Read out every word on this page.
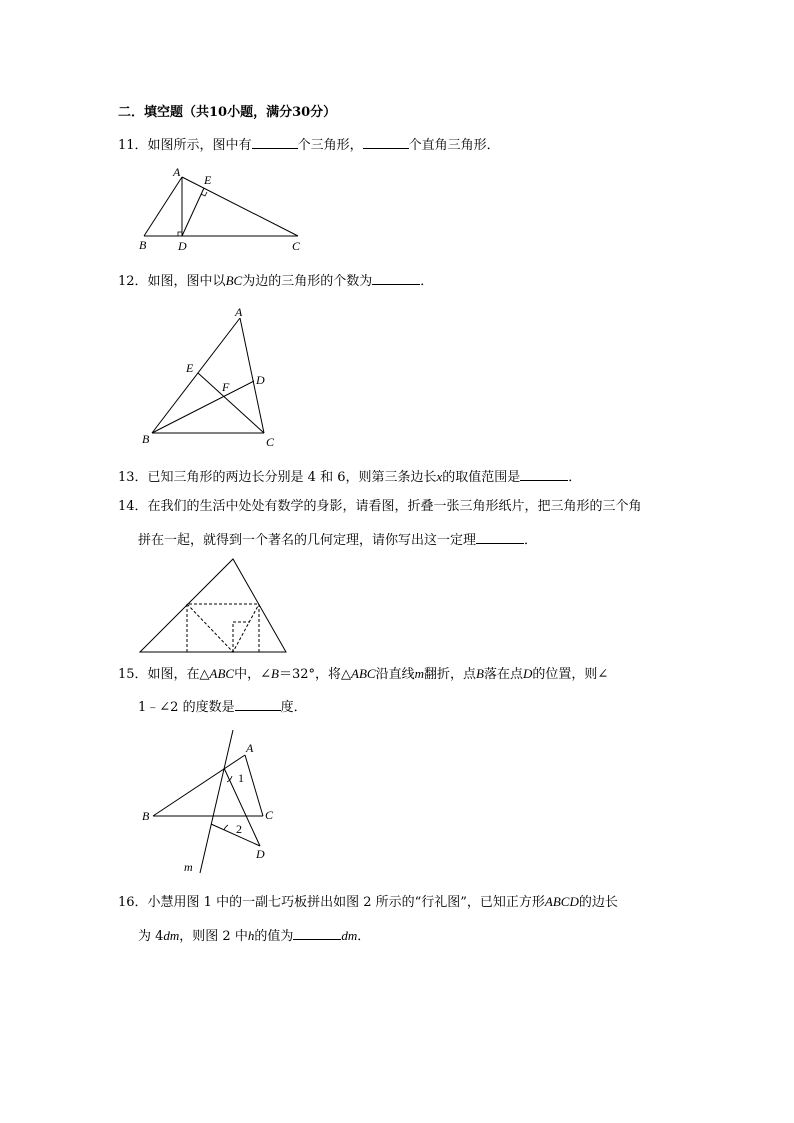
二．填空题（共10小题，满分30分）
11．如图所示，图中有	个三角形，	个直角三角形．
A
E
B	D	C
12．如图，图中以BC为边的三角形的个数为	．
A
E
D
F
B	C
13．已知三角形的两边长分别是 4 和 6，则第三条边长x的取值范围是	．
14．在我们的生活中处处有数学的身影，请看图，折叠一张三角形纸片，把三角形的三个角
拼在一起，就得到一个著名的几何定理，请你写出这一定理	．
15．如图，在△ABC中，∠B＝32°，将△ABC沿直线m翻折，点B落在点D的位置，则∠
1﹣∠2 的度数是	度．
A
B	C
D
m
1
2
16．小慧用图 1 中的一副七巧板拼出如图 2 所示的“行礼图”，已知正方形ABCD的边长
为 4dm，则图 2 中h的值为	dm．
